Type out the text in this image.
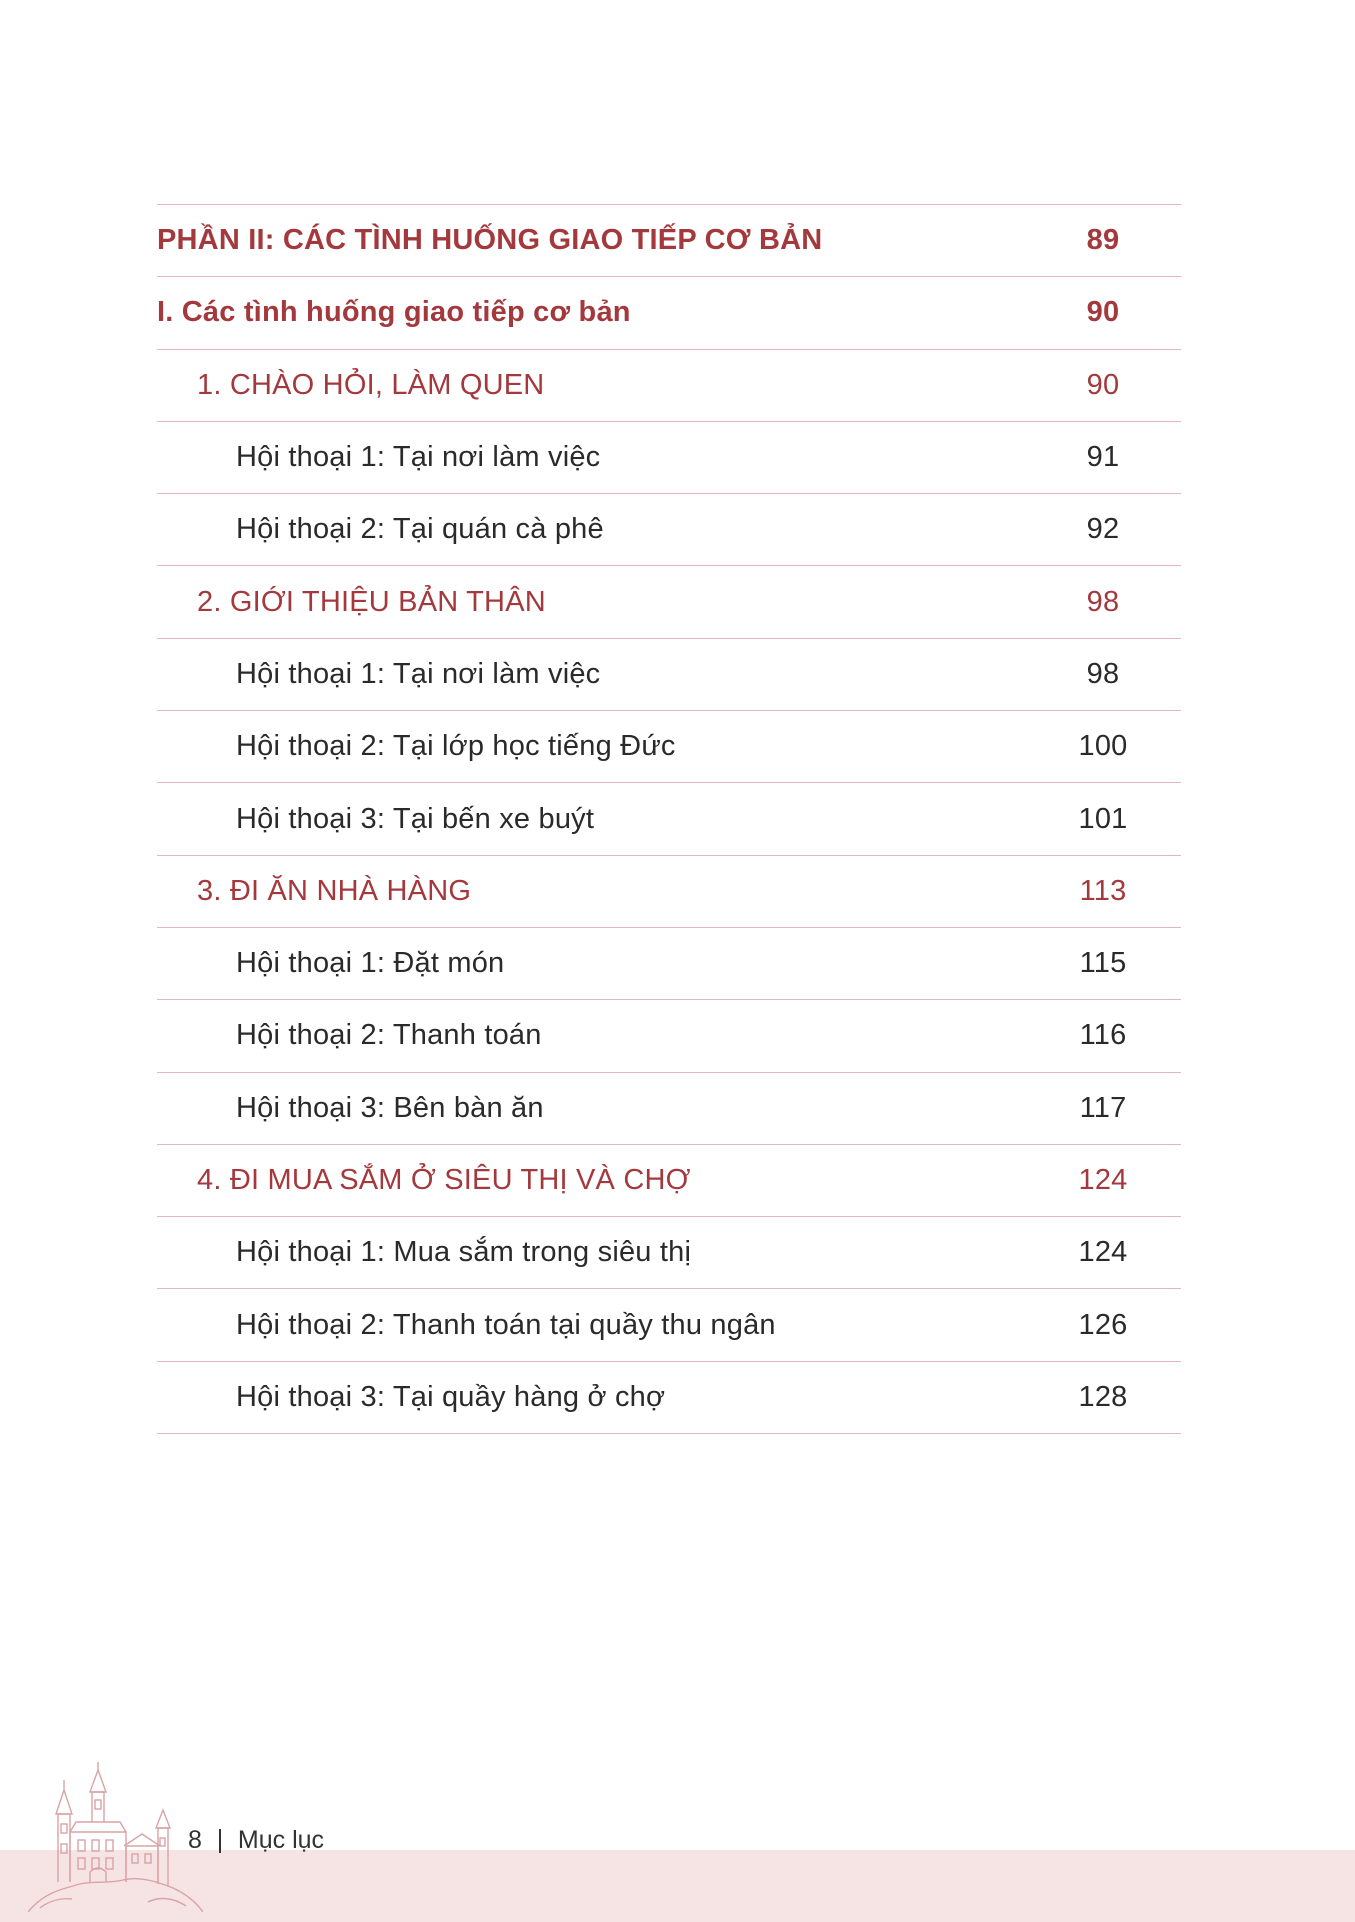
PHẦN II: CÁC TÌNH HUỐNG GIAO TIẾP CƠ BẢN	89
I. Các tình huống giao tiếp cơ bản	90
1. CHÀO HỎI, LÀM QUEN	90
Hội thoại 1: Tại nơi làm việc	91
Hội thoại 2: Tại quán cà phê	92
2. GIỚI THIỆU BẢN THÂN	98
Hội thoại 1: Tại nơi làm việc	98
Hội thoại 2: Tại lớp học tiếng Đức	100
Hội thoại 3: Tại bến xe buýt	101
3. ĐI ĂN NHÀ HÀNG	113
Hội thoại 1: Đặt món	115
Hội thoại 2: Thanh toán	116
Hội thoại 3: Bên bàn ăn	117
4. ĐI MUA SẮM Ở SIÊU THỊ VÀ CHỢ	124
Hội thoại 1: Mua sắm trong siêu thị	124
Hội thoại 2: Thanh toán tại quầy thu ngân	126
Hội thoại 3: Tại quầy hàng ở chợ	128
8 Mục lục
